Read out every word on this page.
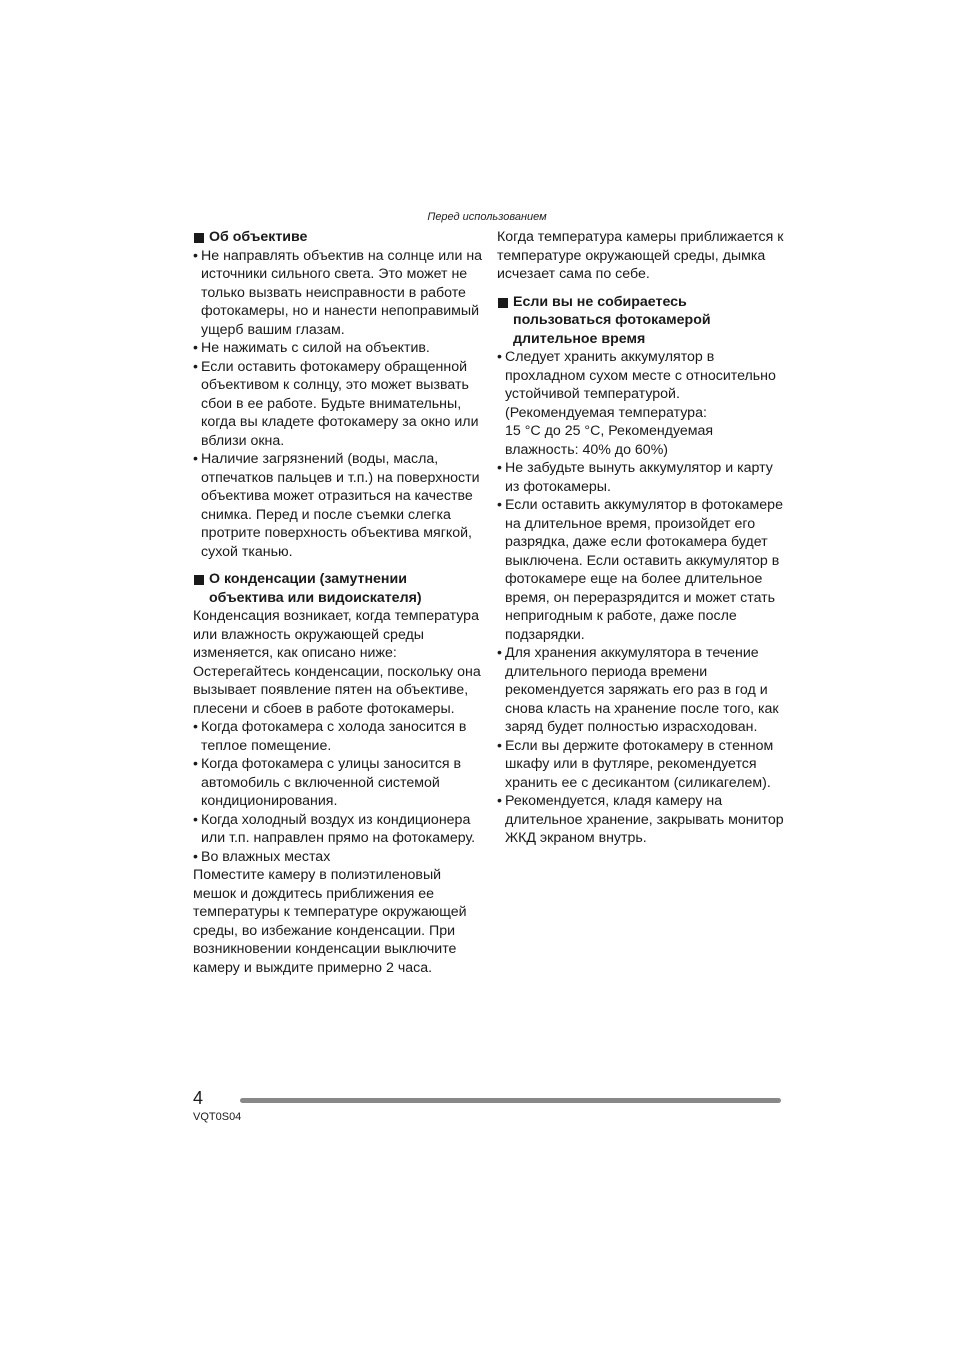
Перед использованием

Об объективе

• Не направлять объектив на солнце или на источники сильного света. Это может не только вызвать неисправности в работе фотокамеры, но и нанести непоправимый ущерб вашим глазам.
• Не нажимать с силой на объектив.
• Если оставить фотокамеру обращенной объективом к солнцу, это может вызвать сбои в ее работе. Будьте внимательны, когда вы кладете фотокамеру за окно или вблизи окна.
• Наличие загрязнений (воды, масла, отпечатков пальцев и т.п.) на поверхности объектива может отразиться на качестве снимка. Перед и после съемки слегка протрите поверхность объектива мягкой, сухой тканью.

О конденсации (замутнении объектива или видоискателя)

Конденсация возникает, когда температура или влажность окружающей среды изменяется, как описано ниже:

Остерегайтесь конденсации, поскольку она вызывает появление пятен на объективе, плесени и сбоев в работе фотокамеры.

• Когда фотокамера с холода заносится в теплое помещение.
• Когда фотокамера с улицы заносится в автомобиль с включенной системой кондиционирования.
• Когда холодный воздух из кондиционера или т.п. направлен прямо на фотокамеру.
• Во влажных местах

Поместите камеру в полиэтиленовый мешок и дождитесь приближения ее температуры к температуре окружающей среды, во избежание конденсации. При возникновении конденсации выключите камеру и выждите примерно 2 часа.

Когда температура камеры приближается к температуре окружающей среды, дымка исчезает сама по себе.

Если вы не собираетесь пользоваться фотокамерой длительное время

• Следует хранить аккумулятор в прохладном сухом месте с относительно устойчивой температурой.
(Рекомендуемая температура:
15 °C до 25 °C, Рекомендуемая
влажность: 40% до 60%)
• Не забудьте вынуть аккумулятор и карту из фотокамеры.
• Если оставить аккумулятор в фотокамере на длительное время, произойдет его разрядка, даже если фотокамера будет выключена. Если оставить аккумулятор в фотокамере еще на более длительное время, он переразрядится и может стать непригодным к работе, даже после подзарядки.
• Для хранения аккумулятора в течение длительного периода времени рекомендуется заряжать его раз в год и снова класть на хранение после того, как заряд будет полностью израсходован.
• Если вы держите фотокамеру в стенном шкафу или в футляре, рекомендуется хранить ее с десикантом (силикагелем).
• Рекомендуется, кладя камеру на длительное хранение, закрывать монитор ЖКД экраном внутрь.
4
VQT0S04
